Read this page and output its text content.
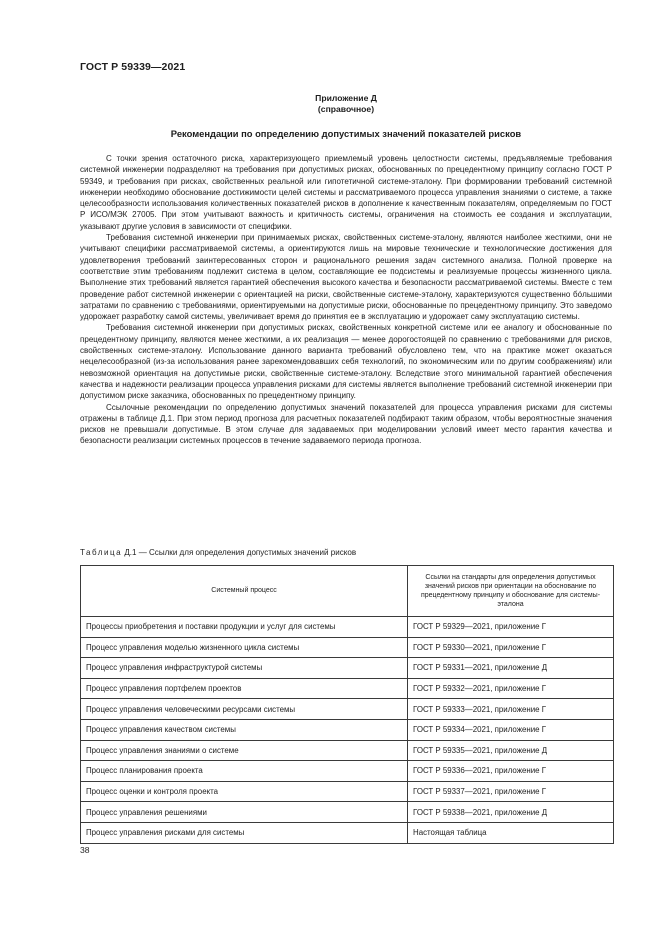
ГОСТ Р 59339—2021
Приложение Д
(справочное)
Рекомендации по определению допустимых значений показателей рисков

С точки зрения остаточного риска, характеризующего приемлемый уровень целостности системы, предъявляемые требования системной инженерии подразделяют на требования при допустимых рисках, обоснованных по прецедентному принципу согласно ГОСТ Р 59349, и требования при рисках, свойственных реальной или гипотетичной системе-эталону. При формировании требований системной инженерии необходимо обоснование достижимости целей системы и рассматриваемого процесса управления знаниями о системе, а также целесообразности использования количественных показателей рисков в дополнение к качественным показателям, определяемым по ГОСТ Р ИСО/МЭК 27005. При этом учитывают важность и критичность системы, ограничения на стоимость ее создания и эксплуатации, указывают другие условия в зависимости от специфики.

Требования системной инженерии при принимаемых рисках, свойственных системе-эталону, являются наиболее жесткими, они не учитывают специфики рассматриваемой системы, а ориентируются лишь на мировые технические и технологические достижения для удовлетворения требований заинтересованных сторон и рационального решения задач системного анализа. Полной проверке на соответствие этим требованиям подлежит система в целом, составляющие ее подсистемы и реализуемые процессы жизненного цикла. Выполнение этих требований является гарантией обеспечения высокого качества и безопасности рассматриваемой системы. Вместе с тем проведение работ системной инженерии с ориентацией на риски, свойственные системе-эталону, характеризуются существенно бóльшими затратами по сравнению с требованиями, ориентируемыми на допустимые риски, обоснованные по прецедентному принципу. Это заведомо удорожает разработку самой системы, увеличивает время до принятия ее в эксплуатацию и удорожает саму эксплуатацию системы.

Требования системной инженерии при допустимых рисках, свойственных конкретной системе или ее аналогу и обоснованные по прецедентному принципу, являются менее жесткими, а их реализация — менее дорогостоящей по сравнению с требованиями для рисков, свойственных системе-эталону. Использование данного варианта требований обусловлено тем, что на практике может оказаться нецелесообразной (из-за использования ранее зарекомендовавших себя технологий, по экономическим или по другим соображениям) или невозможной ориентация на допустимые риски, свойственные системе-эталону. Вследствие этого минимальной гарантией обеспечения качества и надежности реализации процесса управления рисками для системы является выполнение требований системной инженерии при допустимом риске заказчика, обоснованных по прецедентному принципу.

Ссылочные рекомендации по определению допустимых значений показателей для процесса управления рисками для системы отражены в таблице Д.1. При этом период прогноза для расчетных показателей подбирают таким образом, чтобы вероятностные значения рисков не превышали допустимые. В этом случае для задаваемых при моделировании условий имеет место гарантия качества и безопасности реализации системных процессов в течение задаваемого периода прогноза.

Таблица Д.1 — Ссылки для определения допустимых значений рисков
Системный процесс	Ссылки на стандарты для определения допустимых значений рисков при ориентации на обоснование по прецедентному принципу и обоснование для системы-эталона
Процессы приобретения и поставки продукции и услуг для системы	ГОСТ Р 59329—2021, приложение Г
Процесс управления моделью жизненного цикла системы	ГОСТ Р 59330—2021, приложение Г
Процесс управления инфраструктурой системы	ГОСТ Р 59331—2021, приложение Д
Процесс управления портфелем проектов	ГОСТ Р 59332—2021, приложение Г
Процесс управления человеческими ресурсами системы	ГОСТ Р 59333—2021, приложение Г
Процесс управления качеством системы	ГОСТ Р 59334—2021, приложение Г
Процесс управления знаниями о системе	ГОСТ Р 59335—2021, приложение Д
Процесс планирования проекта	ГОСТ Р 59336—2021, приложение Г
Процесс оценки и контроля проекта	ГОСТ Р 59337—2021, приложение Г
Процесс управления решениями	ГОСТ Р 59338—2021, приложение Д
Процесс управления рисками для системы	Настоящая таблица
38
